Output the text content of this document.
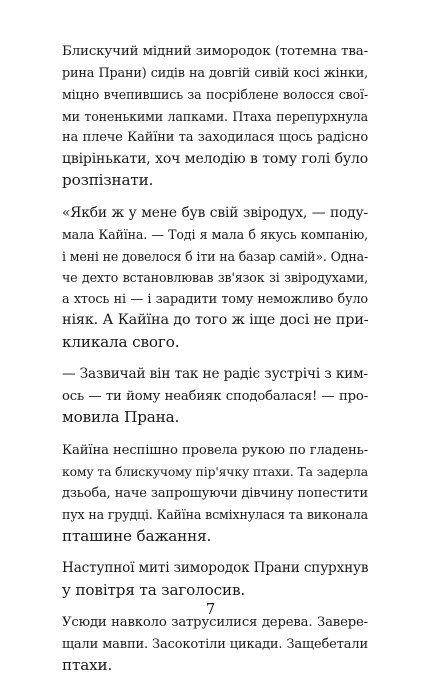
Блискучий мідний зимородок (тотемна тва-
рина Прани) сидів на довгій сивій косі жінки,
міцно вчепившись за посріблене волосся свої-
ми тоненькими лапками. Птаха перепурхнула
на плече Кайїни та заходилася щось радісно
цвірінькати, хоч мелодію в тому голі було
розпізнати.
«Якби ж у мене був свій звіродух, — поду-
мала Кайїна. — Тоді я мала б якусь компанію,
і мені не довелося б іти на базар самій». Одна-
че дехто встановлював зв'язок зі звіродухами,
а хтось ні — і зарадити тому неможливо було
ніяк. А Кайїна до того ж іще досі не при-
кликала свого.
— Зазвичай він так не радіє зустрічі з ким-
ось — ти йому неабияк сподобалася! — про-
мовила Прана.
Кайїна неспішно провела рукою по гладень-
кому та блискучому пір'ячку птахи. Та задерла
дзьоба, наче запрошуючи дівчину попестити
пух на грудці. Кайїна всміхнулася та виконала
пташине бажання.
Наступної миті зимородок Прани спурхнув
у повітря та заголосив.
Усюди навколо затрусилися дерева. Завере-
щали мавпи. Засокотіли цикади. Защебетали
птахи.
7
